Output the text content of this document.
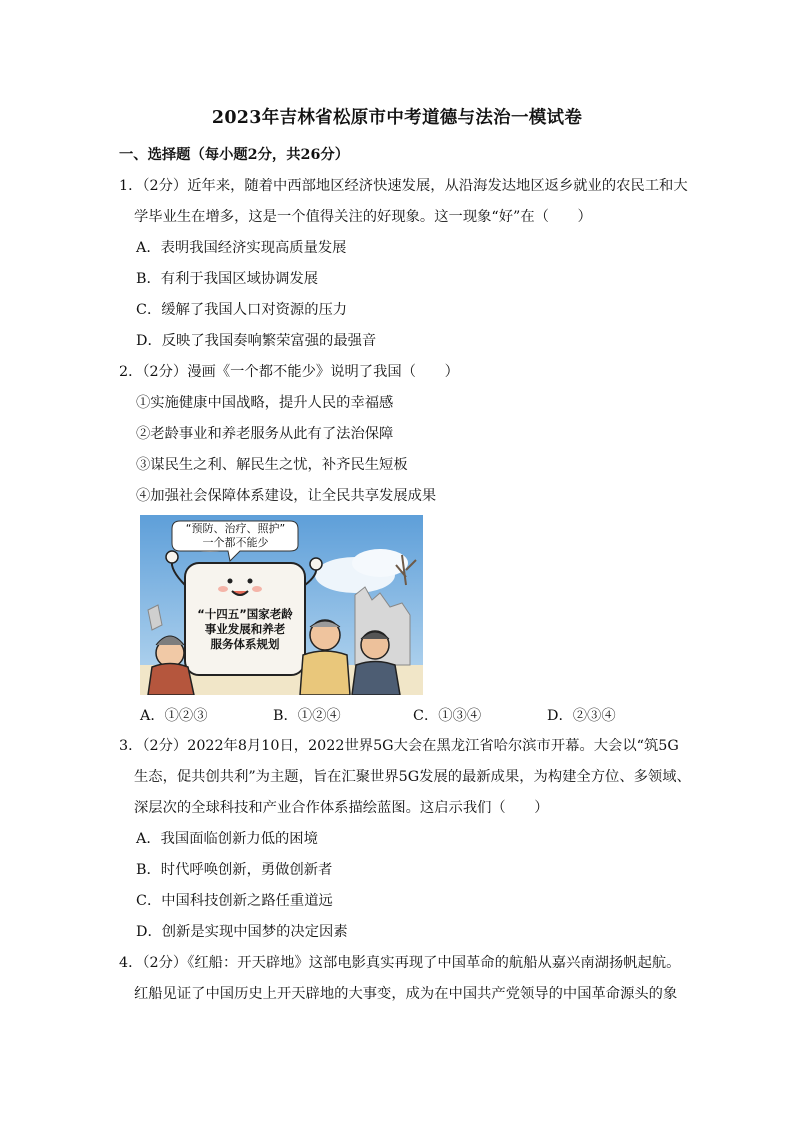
2023年吉林省松原市中考道德与法治一模试卷
一、选择题（每小题2分，共26分）
1．（2分）近年来，随着中西部地区经济快速发展，从沿海发达地区返乡就业的农民工和大
学毕业生在增多，这是一个值得关注的好现象。这一现象“好”在（　　）
A．表明我国经济实现高质量发展
B．有利于我国区域协调发展
C．缓解了我国人口对资源的压力
D．反映了我国奏响繁荣富强的最强音
2．（2分）漫画《一个都不能少》说明了我国（　　）
①实施健康中国战略，提升人民的幸福感
②老龄事业和养老服务从此有了法治保障
③谋民生之利、解民生之忧，补齐民生短板
④加强社会保障体系建设，让全民共享发展成果
“预防、治疗、照护”
一个都不能少
“十四五”国家老龄
事业发展和养老
服务体系规划
A．①②③	B．①②④	C．①③④	D．②③④
3．（2分）2022年8月10日，2022世界5G大会在黑龙江省哈尔滨市开幕。大会以“筑5G
生态，促共创共利”为主题，旨在汇聚世界5G发展的最新成果，为构建全方位、多领域、
深层次的全球科技和产业合作体系描绘蓝图。这启示我们（　　）
A．我国面临创新力低的困境
B．时代呼唤创新，勇做创新者
C．中国科技创新之路任重道远
D．创新是实现中国梦的决定因素
4．（2分）《红船：开天辟地》这部电影真实再现了中国革命的航船从嘉兴南湖扬帆起航。
红船见证了中国历史上开天辟地的大事变，成为在中国共产党领导的中国革命源头的象
